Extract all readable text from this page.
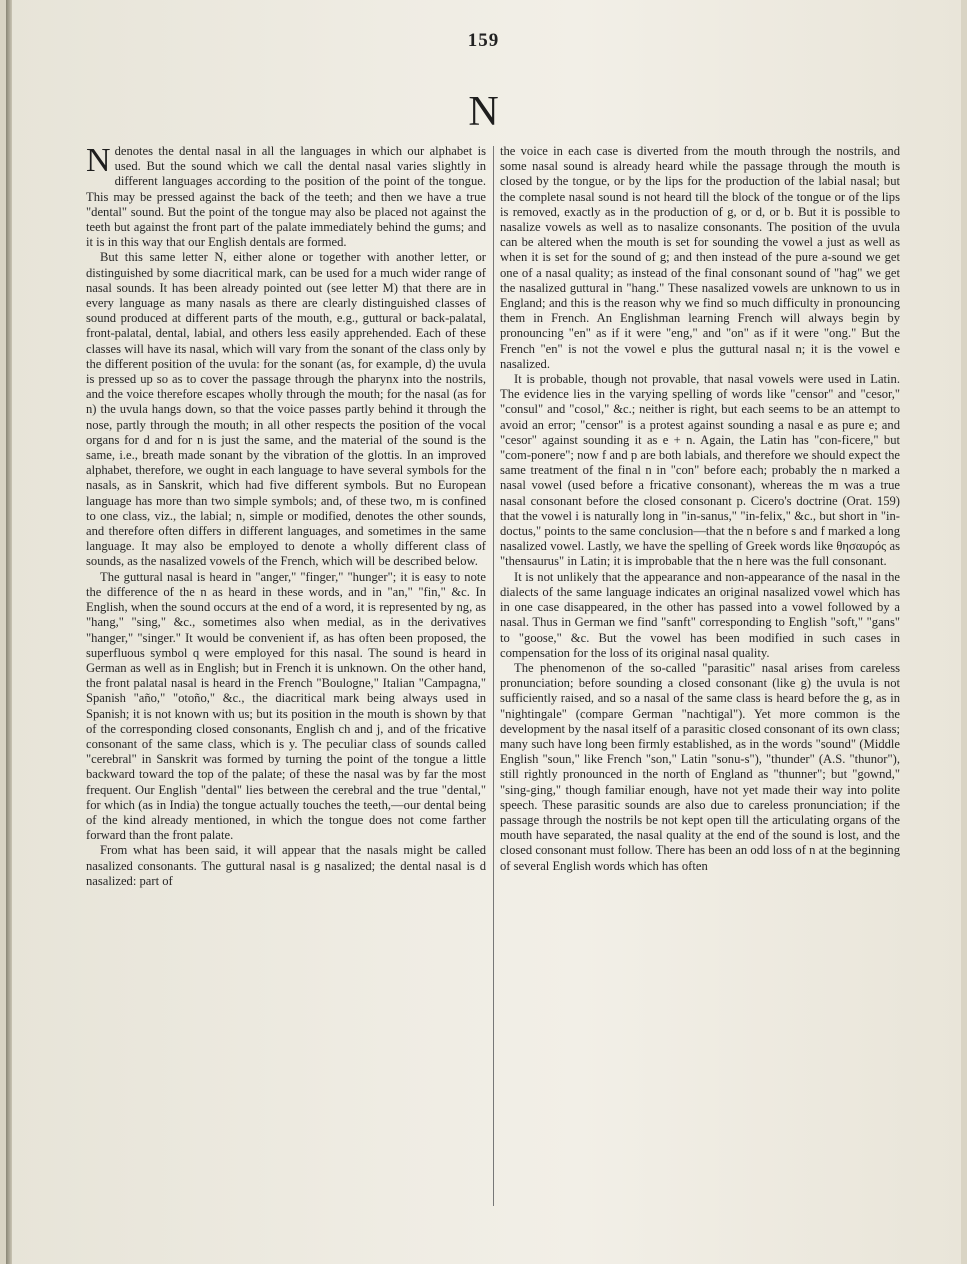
159
N

Ndenotes the dental nasal in all the languages in which our alphabet is used. But the sound which we call the dental nasal varies slightly in different languages according to the position of the point of the tongue. This may be pressed against the back of the teeth; and then we have a true "dental" sound. But the point of the tongue may also be placed not against the teeth but against the front part of the palate immediately behind the gums; and it is in this way that our English dentals are formed.

But this same letter N, either alone or together with another letter, or distinguished by some diacritical mark, can be used for a much wider range of nasal sounds. It has been already pointed out (see letter M) that there are in every language as many nasals as there are clearly distinguished classes of sound produced at different parts of the mouth, e.g., guttural or back-palatal, front-palatal, dental, labial, and others less easily apprehended. Each of these classes will have its nasal, which will vary from the sonant of the class only by the different position of the uvula: for the sonant (as, for example, d) the uvula is pressed up so as to cover the passage through the pharynx into the nostrils, and the voice therefore escapes wholly through the mouth; for the nasal (as for n) the uvula hangs down, so that the voice passes partly behind it through the nose, partly through the mouth; in all other respects the position of the vocal organs for d and for n is just the same, and the material of the sound is the same, i.e., breath made sonant by the vibration of the glottis. In an improved alphabet, therefore, we ought in each language to have several symbols for the nasals, as in Sanskrit, which had five different symbols. But no European language has more than two simple symbols; and, of these two, m is confined to one class, viz., the labial; n, simple or modified, denotes the other sounds, and therefore often differs in different languages, and sometimes in the same language. It may also be employed to denote a wholly different class of sounds, as the nasalized vowels of the French, which will be described below.

The guttural nasal is heard in "anger," "finger," "hunger"; it is easy to note the difference of the n as heard in these words, and in "an," "fin," &c. In English, when the sound occurs at the end of a word, it is represented by ng, as "hang," "sing," &c., sometimes also when medial, as in the derivatives "hanger," "singer." It would be convenient if, as has often been proposed, the superfluous symbol q were employed for this nasal. The sound is heard in German as well as in English; but in French it is unknown. On the other hand, the front palatal nasal is heard in the French "Boulogne," Italian "Campagna," Spanish "año," "otoño," &c., the diacritical mark being always used in Spanish; it is not known with us; but its position in the mouth is shown by that of the corresponding closed consonants, English ch and j, and of the fricative consonant of the same class, which is y. The peculiar class of sounds called "cerebral" in Sanskrit was formed by turning the point of the tongue a little backward toward the top of the palate; of these the nasal was by far the most frequent. Our English "dental" lies between the cerebral and the true "dental," for which (as in India) the tongue actually touches the teeth,—our dental being of the kind already mentioned, in which the tongue does not come farther forward than the front palate.

From what has been said, it will appear that the nasals might be called nasalized consonants. The guttural nasal is g nasalized; the dental nasal is d nasalized: part of

the voice in each case is diverted from the mouth through the nostrils, and some nasal sound is already heard while the passage through the mouth is closed by the tongue, or by the lips for the production of the labial nasal; but the complete nasal sound is not heard till the block of the tongue or of the lips is removed, exactly as in the production of g, or d, or b. But it is possible to nasalize vowels as well as to nasalize consonants. The position of the uvula can be altered when the mouth is set for sounding the vowel a just as well as when it is set for the sound of g; and then instead of the pure a-sound we get one of a nasal quality; as instead of the final consonant sound of "hag" we get the nasalized guttural in "hang." These nasalized vowels are unknown to us in England; and this is the reason why we find so much difficulty in pronouncing them in French. An Englishman learning French will always begin by pronouncing "en" as if it were "eng," and "on" as if it were "ong." But the French "en" is not the vowel e plus the guttural nasal n; it is the vowel e nasalized.

It is probable, though not provable, that nasal vowels were used in Latin. The evidence lies in the varying spelling of words like "censor" and "cesor," "consul" and "cosol," &c.; neither is right, but each seems to be an attempt to avoid an error; "censor" is a protest against sounding a nasal e as pure e; and "cesor" against sounding it as e + n. Again, the Latin has "con-ficere," but "com-ponere"; now f and p are both labials, and therefore we should expect the same treatment of the final n in "con" before each; probably the n marked a nasal vowel (used before a fricative consonant), whereas the m was a true nasal consonant before the closed consonant p. Cicero's doctrine (Orat. 159) that the vowel i is naturally long in "in-sanus," "in-felix," &c., but short in "in-doctus," points to the same conclusion—that the n before s and f marked a long nasalized vowel. Lastly, we have the spelling of Greek words like θησαυρός as "thensaurus" in Latin; it is improbable that the n here was the full consonant.

It is not unlikely that the appearance and non-appearance of the nasal in the dialects of the same language indicates an original nasalized vowel which has in one case disappeared, in the other has passed into a vowel followed by a nasal. Thus in German we find "sanft" corresponding to English "soft," "gans" to "goose," &c. But the vowel has been modified in such cases in compensation for the loss of its original nasal quality.

The phenomenon of the so-called "parasitic" nasal arises from careless pronunciation; before sounding a closed consonant (like g) the uvula is not sufficiently raised, and so a nasal of the same class is heard before the g, as in "nightingale" (compare German "nachtigal"). Yet more common is the development by the nasal itself of a parasitic closed consonant of its own class; many such have long been firmly established, as in the words "sound" (Middle English "soun," like French "son," Latin "sonu-s"), "thunder" (A.S. "thunor"), still rightly pronounced in the north of England as "thunner"; but "gownd," "sing-ging," though familiar enough, have not yet made their way into polite speech. These parasitic sounds are also due to careless pronunciation; if the passage through the nostrils be not kept open till the articulating organs of the mouth have separated, the nasal quality at the end of the sound is lost, and the closed consonant must follow. There has been an odd loss of n at the beginning of several English words which has often
